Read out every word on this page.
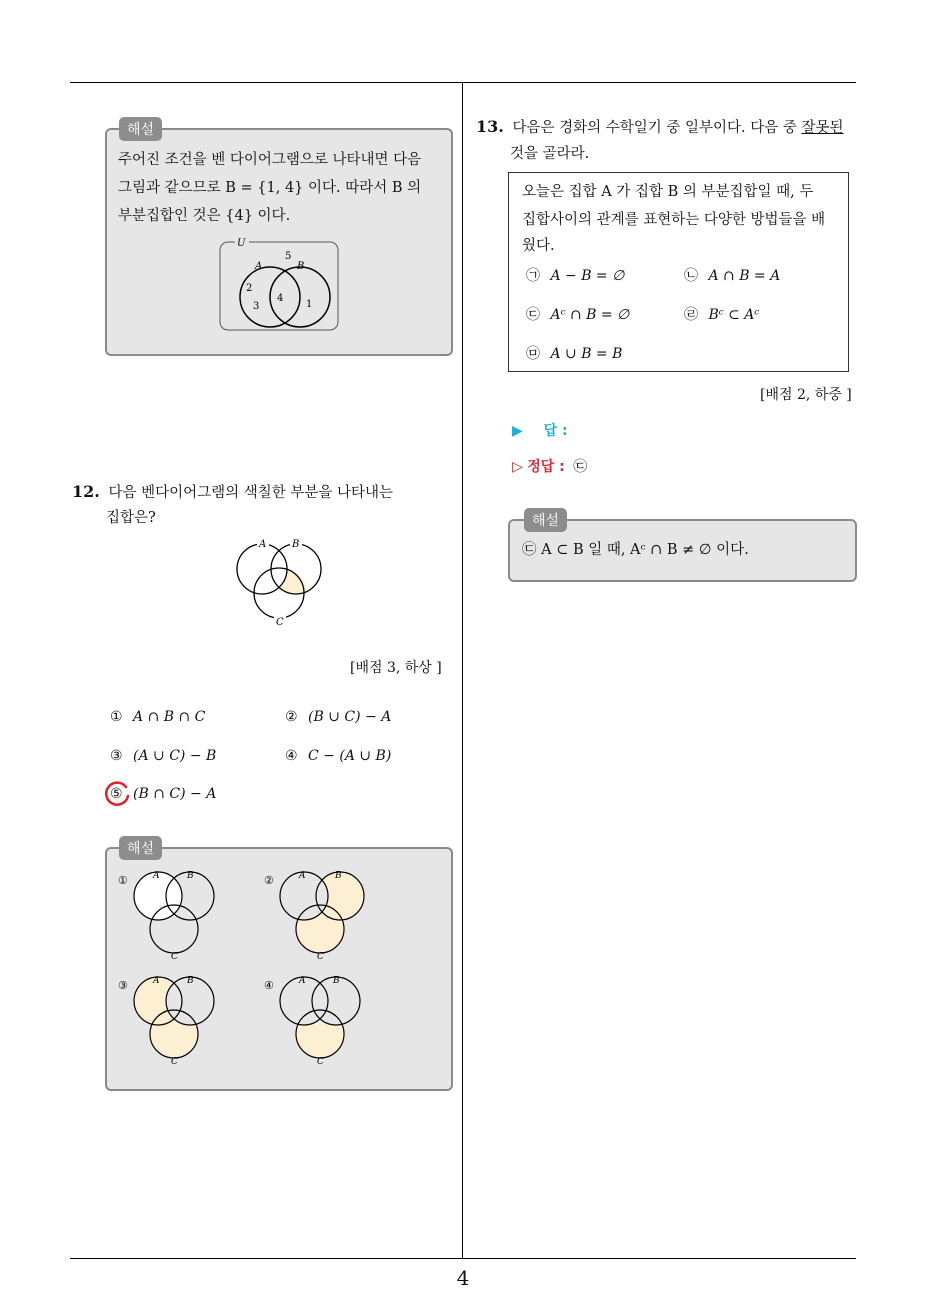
4
해설
주어진 조건을 벤 다이어그램으로 나타내면 다음
그림과 같으므로 B = {1, 4} 이다. 따라서 B 의
부분집합인 것은 {4} 이다.
U
A	B
5
2
3
4
1
12. 다음 벤다이어그램의 색칠한 부분을 나타내는
집합은?
A	B
C
[배점 3, 하상 ]
① A ∩ B ∩ C	② (B ∪ C) − A
③ (A ∪ C) − B	④ C − (A ∪ B)
⑤ (B ∩ C) − A
해설
①	A	B
C
②	A	B
C
③	A	B
C
④	A	B
C
13. 다음은 경화의 수학일기 중 일부이다. 다음 중 잘못된
것을 골라라.
오늘은 집합 A 가 집합 B 의 부분집합일 때, 두
집합사이의 관계를 표현하는 다양한 방법들을 배
웠다.
㉠ A − B = ∅	㉡ A ∩ B = A
㉢ Aᶜ ∩ B = ∅	㉣ Bᶜ ⊂ Aᶜ
㉤ A ∪ B = B
[배점 2, 하중 ]
▶ 답 :
▷ 정답 : ㉢
해설
㉢ A ⊂ B 일 때, Aᶜ ∩ B ≠ ∅ 이다.
